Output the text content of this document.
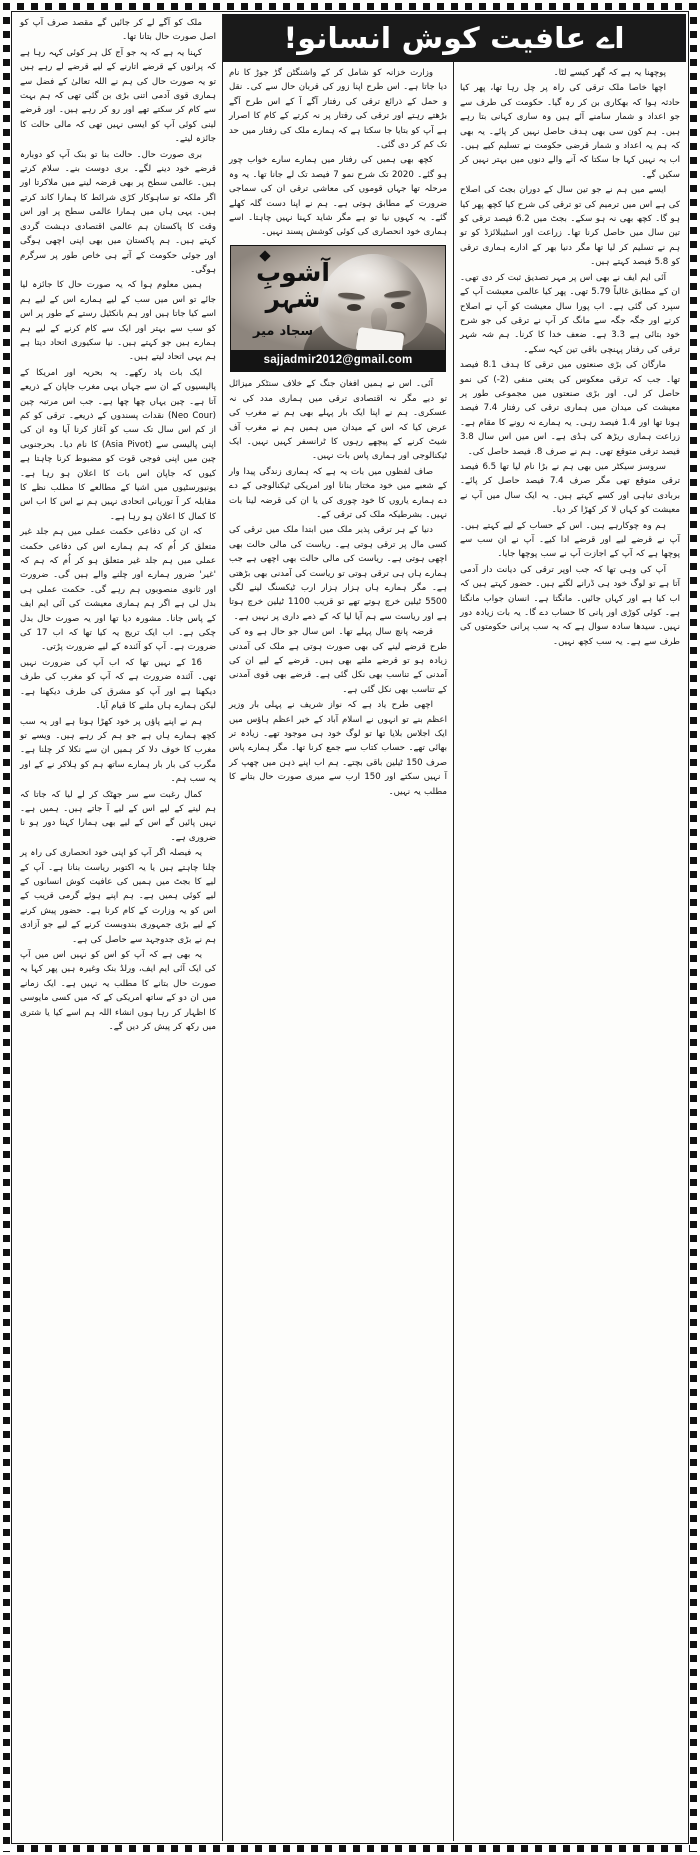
پوچھنا یہ ہے کہ گھر کیسے لٹا۔

اچھا خاصا ملک ترقی کی راہ پر چل رہا تھا، پھر کیا حادثہ ہوا کہ بھکاری بن کر رہ گیا۔ حکومت کی طرف سے جو اعداد و شمار سامنے آئے ہیں وہ ساری کہانی بتا رہے ہیں۔ ہم کون سی بھی ہدف حاصل نہیں کر پائے۔ یہ بھی کہ ہم یہ اعداد و شمار قرضی حکومت نے تسلیم کیے ہیں۔ اب یہ نہیں کہا جا سکتا کہ آنے والے دنوں میں بہتر نہیں کر سکیں گے۔

ایسے میں ہم نے جو تین سال کے دوران بجٹ کی اصلاح کی ہے اس میں ترمیم کی تو ترقی کی شرح کیا کچھ پھر کیا ہو گا۔ کچھ بھی نہ ہو سکے۔ بجٹ میں 6.2 فیصد ترقی کو تین سال میں حاصل کرنا تھا۔ زراعت اور اسٹیبلائزڈ کو تو ہم نے تسلیم کر لیا تھا مگر دنیا بھر کے ادارے ہماری ترقی کو 5.8 فیصد کہتے ہیں۔

آئی ایم ایف نے بھی اس پر مہر تصدیق ثبت کر دی تھی۔ ان کے مطابق غالباً 5.79 تھی۔ پھر کیا عالمی معیشت آپ کے سپرد کی گئی ہے۔ اب پورا سال معیشت کو آپ نے اصلاح کرنے اور جگہ جگہ سے مانگ کر آپ نے ترقی کی جو شرح خود بتائی ہے 3.3 ہے۔ ضعف خدا کا کرنا۔ ہم شہ شہر ترقی کی رفتار پہنچی باقی تین کہہ سکے۔

مارگان کی بڑی صنعتوں میں ترقی کا ہدف 8.1 فیصد تھا۔ جب کہ ترقی معکوس کی یعنی منفی (2-) کی نمو حاصل کر لی۔ اور بڑی صنعتوں میں مجموعی طور پر معیشت کی میدان میں ہماری ترقی کی رفتار 7.4 فیصد ہونا تھا اور 1.4 فیصد رہی۔ یہ ہمارے نہ رونے کا مقام ہے۔ زراعت ہماری ریڑھ کی ہڈی ہے۔ اس میں اس سال 3.8 فیصد ترقی متوقع تھی۔ ہم نے صرف 8. فیصد حاصل کی۔

سروسز سیکٹر میں بھی ہم نے بڑا نام لیا تھا 6.5 فیصد ترقی متوقع تھی مگر صرف 7.4 فیصد حاصل کر پائے۔ بربادی تباہی اور کسے کہتے ہیں۔ یہ ایک سال میں آپ نے معیشت کو کہاں لا کر کھڑا کر دیا۔

ہم وہ چوکارہے ہیں۔ اس کے حساب کے لیے کہتے ہیں۔ آپ نے قرضے لیے اور قرضے ادا کیے۔ آپ نے ان سب سے پوچھا ہے کہ آپ کے اجازت آپ نے سب پوچھا جایا۔

آپ کی وہی تھا کہ جب اوپر ترقی کی دیانت دار آدمی آتا ہے تو لوگ خود ہی ڈرانے لگتے ہیں۔ حضور کہتے ہیں کہ اب کیا ہے اور کہاں جائیں۔ مانگتا ہے۔ انسان جواب مانگتا ہے۔ کوئی کوڑی اور پانی کا حساب دے گا۔ یہ بات زیادہ دور نہیں۔ سیدھا سادہ سوال ہے کہ یہ سب پرانی حکومتوں کی طرف سے ہے۔ یہ سب کچھ نہیں۔

وزارت خزانہ کو شامل کر کے واشنگٹن گڑ جوڑ کا نام دیا جاتا ہے۔ اس طرح اپنا زور کی قربان حال سے کی۔ نقل و حمل کے ذرائع ترقی کی رفتار آگے آ کے اس طرح آگے بڑھتے رہتے اور ترقی کی رفتار پر نہ کرتے کے کام کا اصرار ہے آپ کو بتایا جا سکتا ہے کہ ہمارے ملک کی رفتار میں حد تک کم کر دی گئی۔

کچھ بھی ہمیں کی رفتار میں ہمارے سارے خواب چور ہو گئے۔ 2020 تک شرح نمو 7 فیصد تک لے جانا تھا۔ یہ وہ مرحلہ تھا جہاں قوموں کی معاشی ترقی ان کی سماجی ضرورت کے مطابق ہوتی ہے۔ ہم نے اپنا دست گلہ کھلے گئے۔ یہ کہوں نیا تو ہے مگر شاید کہنا نہیں چاہتا۔ اسے ہماری خود انحصاری کی کوئی کوشش پسند نہیں۔

آشوبِ شہر
سجاد میر
sajjadmir2012@gmail.com

آئی۔ اس نے ہمیں افغان جنگ کے خلاف سنٹکر میزائل تو دیے مگر نہ اقتصادی ترقی میں ہماری مدد کی نہ عسکری۔ ہم نے اپنا ایک بار پہلے بھی ہم نے مغرب کی عرض کیا کہ اس کے میدان میں ہمیں ہم نے مغرب آف شیٹ کرنے کے پیچھے رہوں کا ٹرانسفر کہیں نہیں۔ ایک ٹیکنالوجی اور ہماری پاس بات نہیں۔

صاف لفظوں میں بات یہ ہے کہ ہماری زندگی پیدا وار کے شعبے میں خود مختار بنانا اور امریکی ٹیکنالوجی کے دے دے ہمارے یاروں کا خود چوری کی یا ان کی قرضہ لینا بات نہیں۔ بشرطیکہ ملک کی ترقی کے۔

دنیا کے ہر ترقی پذیر ملک میں ابتدا ملک میں ترقی کی کسی مال پر ترقی ہوتی ہے۔ ریاست کی مالی حالت بھی اچھی ہوتی ہے۔ ریاست کی مالی حالت بھی اچھی ہے جب ہمارے ہاں ہی ترقی ہوتی تو ریاست کی آمدنی بھی بڑھتی ہے۔ مگر ہمارے ہاں ہزار ہزار ارب ٹیکسنگ لینے لگی 5500 ٹیلین خرچ ہوتے تھے تو قریب 1100 ٹیلین خرچ ہوتا ہے اور ریاست سے ہم آیا لیا کہ کے ذمے داری پر نہیں ہے۔

قرضہ پانچ سال پہلے تھا۔ اس سال جو حال ہے وہ کی طرح قرضے لینے کی بھی صورت ہوتی ہے ملک کی آمدنی زیادہ ہو تو قرضے ملتے بھی ہیں۔ قرضے کے لیے ان کی آمدنی کے تناسب بھی نکل گئی ہے۔ قرضے بھی قوی آمدنی کے تناسب بھی نکل گئی ہے۔

اچھی طرح یاد ہے کہ نواز شریف نے پہلی بار وزیر اعظم بنے تو انہوں نے اسلام آباد کے خیر اعظم ہاؤس میں ایک اجلاس بلایا تھا تو لوگ خود ہی موجود تھے۔ زیادہ تر بھائی تھے۔ حساب کتاب سے جمع کرنا تھا۔ مگر ہمارے پاس صرف 150 ٹیلین باقی بچتے۔ ہم اب اپنے ذہن میں چھپ کر آ نہیں سکتے اور 150 ارب سے میری صورت حال بتانے کا مطلب یہ نہیں۔

ملک کو آگے لے کر جائیں گے مقصد صرف آپ کو اصل صورت حال بتانا تھا۔

کہنا یہ ہے کہ یہ جو آج کل ہر کوئی کہہ رہا ہے کہ پرانوں کے قرضے اتارنے کے لیے قرضے لے رہے ہیں تو یہ صورت حال کی ہم نے اللہ تعالیٰ کے فضل سے ہماری قوی آدمی اتنی بڑی بن گئی تھی کہ ہم بہت سے کام کر سکتے تھے اور رو کر رہے ہیں۔ اور قرضے لینی کوئی آپ کو ایسی نہیں تھی کہ مالی حالت کا جائزہ لیتے۔

بری صورت حال۔ حالت بنا تو بنک آپ کو دوبارہ قرضے خود دینے لگے۔ بری دوست بنے۔ سلام کرتے ہیں۔ عالمی سطح پر بھی قرضہ لینے میں ملاکرتا اور اگر ملکہ تو ساہوکار کڑی شرائط کا ہمارا کاند کرتے ہیں۔ یہی ہاں میں ہمارا عالمی سطح پر اور اس وقت کا پاکستان ہم عالمی اقتصادی دہشت گردی کہتے ہیں۔ ہم پاکستان میں بھی اپنی اچھی ہوگی اور جوئی حکومت کے آتے ہی خاص طور پر سرگرم ہوگی۔

ہمیں معلوم ہوا کہ یہ صورت حال کا جائزہ لیا جائے تو اس میں سب کے لیے ہمارے اس کے لیے ہم اسے کیا جاتا ہیں اور ہم بانکٹیل رستے کے طور پر اس کو سب سے بہتر اور ایک سے کام کرنے کے لیے ہم ہمارے ہیں جو کہتے ہیں۔ نیا سکیوری اتحاد دیتا ہے ہم یہی اتحاد لیتے ہیں۔

ایک بات یاد رکھے۔ یہ بحریہ اور امریکا کے پالیسیوں کے ان سے جہاں یہی مغرب جاپان کے ذریعے آتا ہے۔ چین یہاں چھا چھا ہے۔ جب اس مرتبہ چین (Neo Cour) نقدات پسندوں کے ذریعے۔ ترقی کو کم از کم اس سال تک سب کو آغاز کرنا آیا وہ ان کی اپنی پالیسی سے (Asia Pivot) کا نام دیا۔ بحرجنوبی چین میں اپنی فوجی قوت کو مضبوط کرنا چاہتا ہے کیوں کہ جاپان اس بات کا اعلان ہو رہا ہے۔ یونیورسٹیوں میں اشیا کے مطالعے کا مطلب نظے کا مقابلہ کر آ توریانی اتحادی نہیں ہم نے اس کا اب اس کا کمال کا اعلان ہو رہا ہے۔

کہ ان کی دفاعی حکمت عملی میں ہم جلد غیر متعلق کر اُم کہ ہم ہمارے اس کی دفاعی حکمت عملی میں ہم جلد غیر متعلق ہو کر اُم کہ ہم کہ 'غیر' ضرور ہمارے اور چلنے والے ہیں گی۔ ضرورت اور ثانوی منصوبوں ہم رہے گی۔ حکمت عملی ہی بدل لی ہے اگر ہم ہماری معیشت کی آئی ایم ایف کے پاس جانا۔ مشورہ دیا تھا اور یہ صورت حال بدل چکی ہے۔ اب ایک تریج یہ کیا تھا کہ اب 17 کی ضرورت ہے۔ آپ کو آئندہ کے لیے ضرورت پڑتی۔

16 کے نہیں تھا کہ اب آپ کی ضرورت نہیں تھی۔ آئندہ ضرورت ہے کہ آپ کو مغرب کی طرف دیکھنا ہے اور آپ کو مشرق کی طرف دیکھنا ہے۔ لیکن ہمارے ہاں ملنے کا قیام آیا۔

ہم نے اپنے پاؤں پر خود کھڑا ہونا ہے اور یہ سب کچھ ہمارے ہاں ہے جو ہم کر رہے ہیں۔ ویسے تو مغرب کا خوف دلا کر ہمیں ان سے نکلا کر چلنا ہے۔ مگرب کی بار بار ہمارے ساتھ ہم کو ہلاکر نے کے اور یہ سب ہم۔

کمال رغبت سے سر جھٹک کر لے لیا کہ جاتا کہ ہم لینے کے لیے اس کے لیے آ جاتے ہیں۔ ہمیں ہے۔ نہیں پائیں گے اس کے لیے بھی ہمارا کہنا دور ہو نا ضروری ہے۔

یہ فیصلہ اگر آپ کو اپنی خود انحصاری کی راہ پر چلنا چاہتے ہیں یا یہ اکتوبر ریاست بنانا ہے۔ آپ کے لیے کا بجٹ میں ہمیں کی عافیت کوش انسانوں کے لیے کوئی ہمیں ہے۔ ہم اپنے ہوئے گرمی قریب کے اس کو یہ وزارت کے کام کرنا ہے۔ حضور پیش کرنے کے لیے بڑی جمہوری بندوبست کرنے کے لیے جو آزادی ہم نے بڑی جدوجہد سے حاصل کی ہے۔

یہ بھی ہے کہ آپ کو اس کو نہیں اس میں آپ کی ایک آئی ایم ایف، ورلڈ بنک وغیرہ ہیں پھر کہا یہ صورت حال بتانے کا مطلب یہ نہیں ہے۔ ایک زمانے میں ان دو کے ساتھ امریکی کے کہ میں کسی مایوسی کا اظہار کر رہا ہوں انشاء اللہ ہم اسے کیا یا شتری میں رکھ کر پیش کر دیں گے۔

اے عافیت کوش انسانو!
